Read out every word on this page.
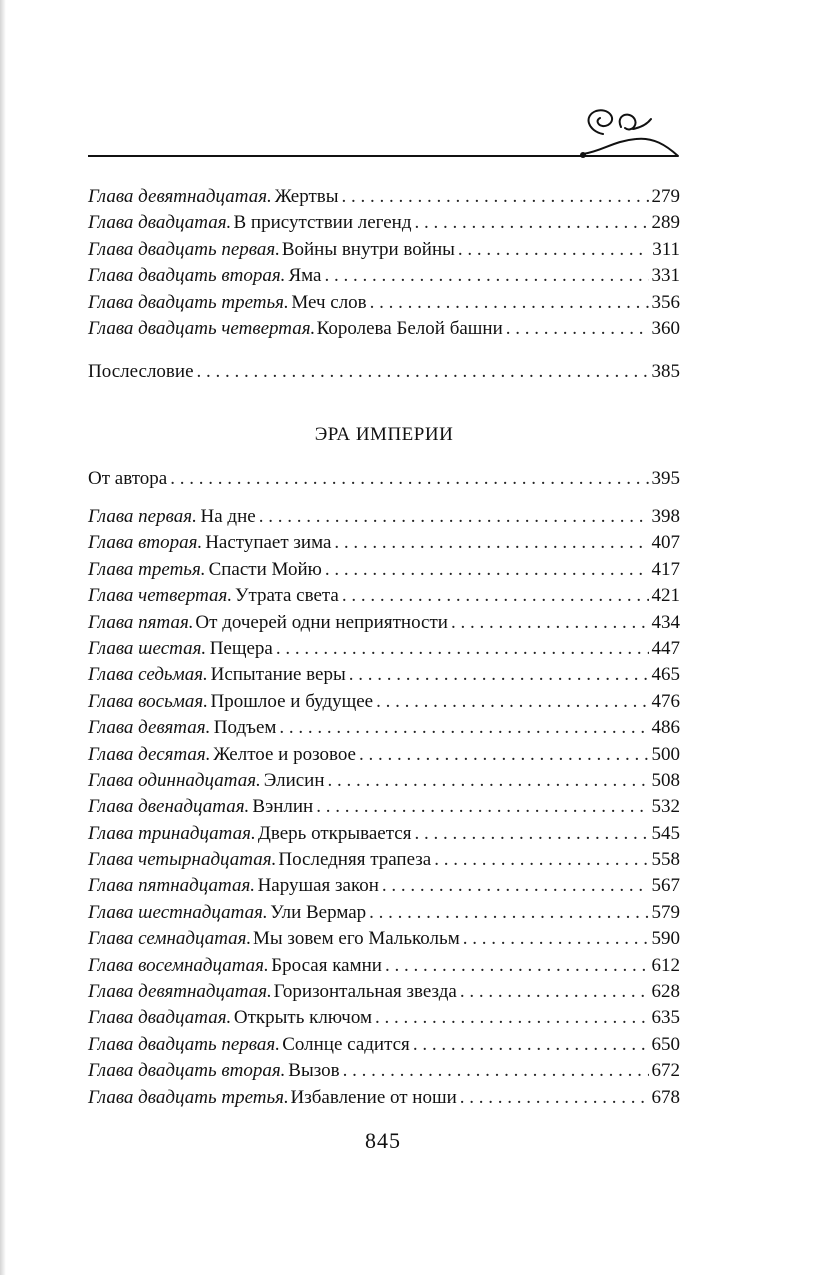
Глава девятнадцатая. Жертвы . . .	279
Глава двадцатая. В присутствии легенд . . .	289
Глава двадцать первая. Войны внутри войны . . .	311
Глава двадцать вторая. Яма . . .	331
Глава двадцать третья. Меч слов . . .	356
Глава двадцать четвертая. Королева Белой башни . . .	360
Послесловие . . .	385
ЭРА ИМПЕРИИ
От автора . . .	395
Глава первая. На дне . . .	398
Глава вторая. Наступает зима . . .	407
Глава третья. Спасти Мойю . . .	417
Глава четвертая. Утрата света . . .	421
Глава пятая. От дочерей одни неприятности . . .	434
Глава шестая. Пещера . . .	447
Глава седьмая. Испытание веры . . .	465
Глава восьмая. Прошлое и будущее . . .	476
Глава девятая. Подъем . . .	486
Глава десятая. Желтое и розовое . . .	500
Глава одиннадцатая. Элисин . . .	508
Глава двенадцатая. Вэнлин . . .	532
Глава тринадцатая. Дверь открывается . . .	545
Глава четырнадцатая. Последняя трапеза . . .	558
Глава пятнадцатая. Нарушая закон . . .	567
Глава шестнадцатая. Ули Вермар . . .	579
Глава семнадцатая. Мы зовем его Малькольм . . .	590
Глава восемнадцатая. Бросая камни . . .	612
Глава девятнадцатая. Горизонтальная звезда . . .	628
Глава двадцатая. Открыть ключом . . .	635
Глава двадцать первая. Солнце садится . . .	650
Глава двадцать вторая. Вызов . . .	672
Глава двадцать третья. Избавление от ноши . . .	678
845
